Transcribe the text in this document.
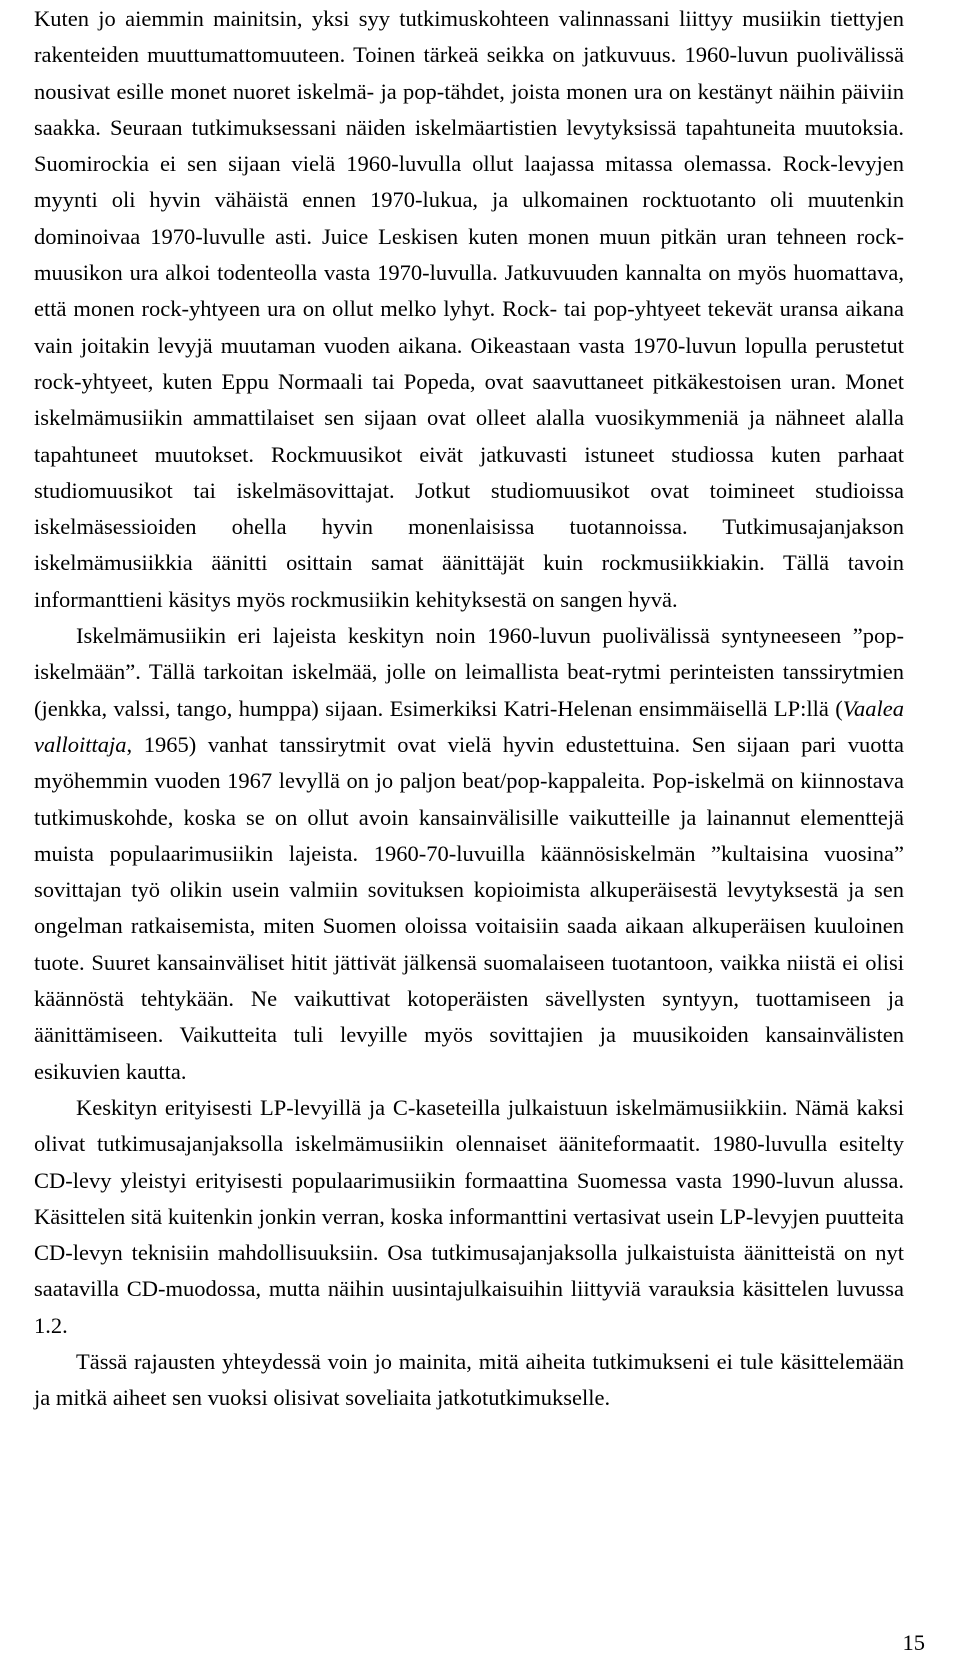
Kuten jo aiemmin mainitsin, yksi syy tutkimuskohteen valinnassani liittyy musiikin tiettyjen rakenteiden muuttumattomuuteen. Toinen tärkeä seikka on jatkuvuus. 1960-luvun puolivälissä nousivat esille monet nuoret iskelmä- ja pop-tähdet, joista monen ura on kestänyt näihin päiviin saakka. Seuraan tutkimuksessani näiden iskelmäartistien levytyksissä tapahtuneita muutoksia. Suomirockia ei sen sijaan vielä 1960-luvulla ollut laajassa mitassa olemassa. Rock-levyjen myynti oli hyvin vähäistä ennen 1970-lukua, ja ulkomainen rocktuotanto oli muutenkin dominoivaa 1970-luvulle asti. Juice Leskisen kuten monen muun pitkän uran tehneen rock-muusikon ura alkoi todenteolla vasta 1970-luvulla. Jatkuvuuden kannalta on myös huomattava, että monen rock-yhtyeen ura on ollut melko lyhyt. Rock- tai pop-yhtyeet tekevät uransa aikana vain joitakin levyjä muutaman vuoden aikana. Oikeastaan vasta 1970-luvun lopulla perustetut rock-yhtyeet, kuten Eppu Normaali tai Popeda, ovat saavuttaneet pitkäkestoisen uran. Monet iskelmämusiikin ammattilaiset sen sijaan ovat olleet alalla vuosikymmeniä ja nähneet alalla tapahtuneet muutokset. Rockmuusikot eivät jatkuvasti istuneet studiossa kuten parhaat studiomuusikot tai iskelmäsovittajat. Jotkut studiomuusikot ovat toimineet studioissa iskelmäsessioiden ohella hyvin monenlaisissa tuotannoissa. Tutkimusajanjakson iskelmämusiikkia äänitti osittain samat äänittäjät kuin rockmusiikkiakin. Tällä tavoin informanttieni käsitys myös rockmusiikin kehityksestä on sangen hyvä.

Iskelmämusiikin eri lajeista keskityn noin 1960-luvun puolivälissä syntyneeseen ”pop-iskelmään”. Tällä tarkoitan iskelmää, jolle on leimallista beat-rytmi perinteisten tanssirytmien (jenkka, valssi, tango, humppa) sijaan. Esimerkiksi Katri-Helenan ensimmäisellä LP:llä (Vaalea valloittaja, 1965) vanhat tanssirytmit ovat vielä hyvin edustettuina. Sen sijaan pari vuotta myöhemmin vuoden 1967 levyllä on jo paljon beat/pop-kappaleita. Pop-iskelmä on kiinnostava tutkimuskohde, koska se on ollut avoin kansainvälisille vaikutteille ja lainannut elementtejä muista populaarimusiikin lajeista. 1960-70-luvuilla käännösiskelmän ”kultaisina vuosina” sovittajan työ olikin usein valmiin sovituksen kopioimista alkuperäisestä levytyksestä ja sen ongelman ratkaisemista, miten Suomen oloissa voitaisiin saada aikaan alkuperäisen kuuloinen tuote. Suuret kansainväliset hitit jättivät jälkensä suomalaiseen tuotantoon, vaikka niistä ei olisi käännöstä tehtykään. Ne vaikuttivat kotoperäisten sävellysten syntyyn, tuottamiseen ja äänittämiseen. Vaikutteita tuli levyille myös sovittajien ja muusikoiden kansainvälisten esikuvien kautta.

Keskityn erityisesti LP-levyillä ja C-kaseteilla julkaistuun iskelmämusiikkiin. Nämä kaksi olivat tutkimusajanjaksolla iskelmämusiikin olennaiset ääniteformaatit. 1980-luvulla esitelty CD-levy yleistyi erityisesti populaarimusiikin formaattina Suomessa vasta 1990-luvun alussa. Käsittelen sitä kuitenkin jonkin verran, koska informanttini vertasivat usein LP-levyjen puutteita CD-levyn teknisiin mahdollisuuksiin. Osa tutkimusajanjaksolla julkaistuista äänitteistä on nyt saatavilla CD-muodossa, mutta näihin uusintajulkaisuihin liittyviä varauksia käsittelen luvussa 1.2.

Tässä rajausten yhteydessä voin jo mainita, mitä aiheita tutkimukseni ei tule käsittelemään ja mitkä aiheet sen vuoksi olisivat soveliaita jatkotutkimukselle.

15
